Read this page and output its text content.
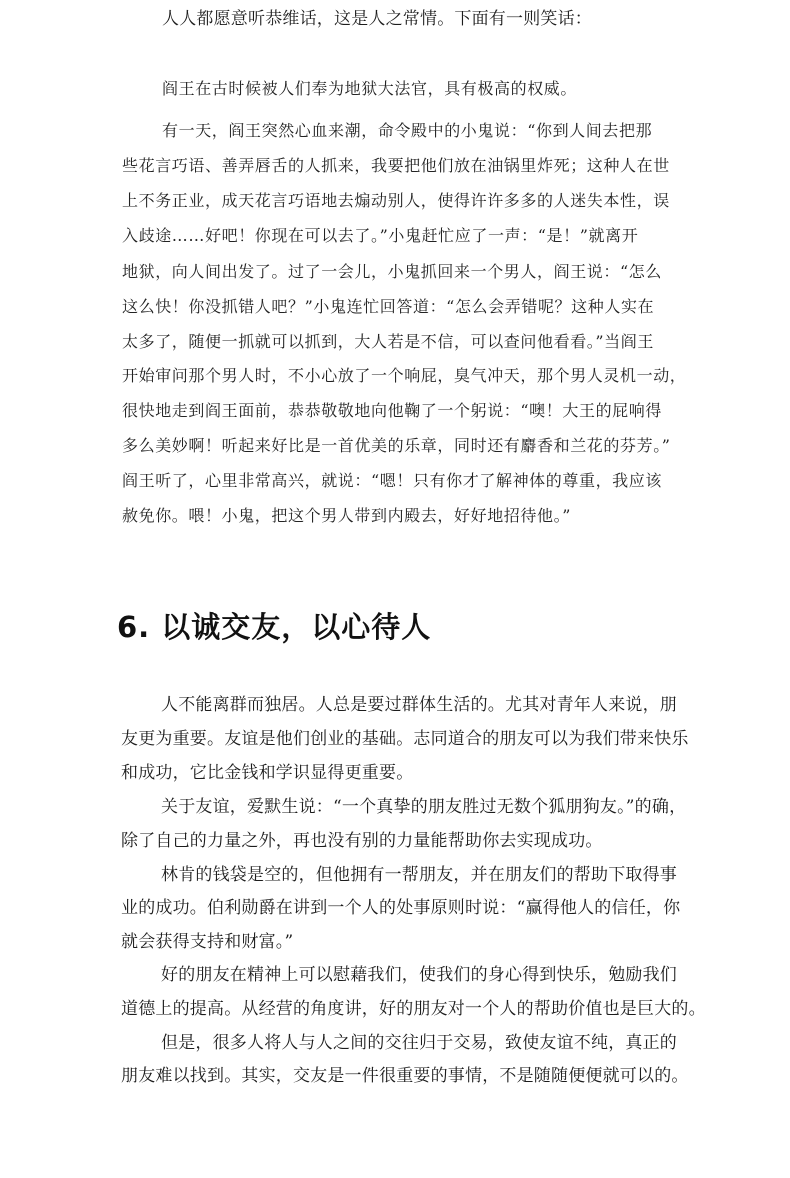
人人都愿意听恭维话，这是人之常情。下面有一则笑话：
阎王在古时候被人们奉为地狱大法官，具有极高的权威。
有一天，阎王突然心血来潮，命令殿中的小鬼说：“你到人间去把那
些花言巧语、善弄唇舌的人抓来，我要把他们放在油锅里炸死；这种人在世
上不务正业，成天花言巧语地去煽动别人，使得许许多多的人迷失本性，误
入歧途……好吧！你现在可以去了。”小鬼赶忙应了一声：“是！”就离开
地狱，向人间出发了。过了一会儿，小鬼抓回来一个男人，阎王说：“怎么
这么快！你没抓错人吧？”小鬼连忙回答道：“怎么会弄错呢？这种人实在
太多了，随便一抓就可以抓到，大人若是不信，可以查问他看看。”当阎王
开始审问那个男人时，不小心放了一个响屁，臭气冲天，那个男人灵机一动，
很快地走到阎王面前，恭恭敬敬地向他鞠了一个躬说：“噢！大王的屁响得
多么美妙啊！听起来好比是一首优美的乐章，同时还有麝香和兰花的芬芳。”
阎王听了，心里非常高兴，就说：“嗯！只有你才了解神体的尊重，我应该
赦免你。喂！小鬼，把这个男人带到内殿去，好好地招待他。”
6. 以诚交友，以心待人
人不能离群而独居。人总是要过群体生活的。尤其对青年人来说，朋
友更为重要。友谊是他们创业的基础。志同道合的朋友可以为我们带来快乐
和成功，它比金钱和学识显得更重要。
关于友谊，爱默生说：“一个真挚的朋友胜过无数个狐朋狗友。”的确，
除了自己的力量之外，再也没有别的力量能帮助你去实现成功。
林肯的钱袋是空的，但他拥有一帮朋友，并在朋友们的帮助下取得事
业的成功。伯利勋爵在讲到一个人的处事原则时说：“赢得他人的信任，你
就会获得支持和财富。”
好的朋友在精神上可以慰藉我们，使我们的身心得到快乐，勉励我们
道德上的提高。从经营的角度讲，好的朋友对一个人的帮助价值也是巨大的。
但是，很多人将人与人之间的交往归于交易，致使友谊不纯，真正的
朋友难以找到。其实，交友是一件很重要的事情，不是随随便便就可以的。
